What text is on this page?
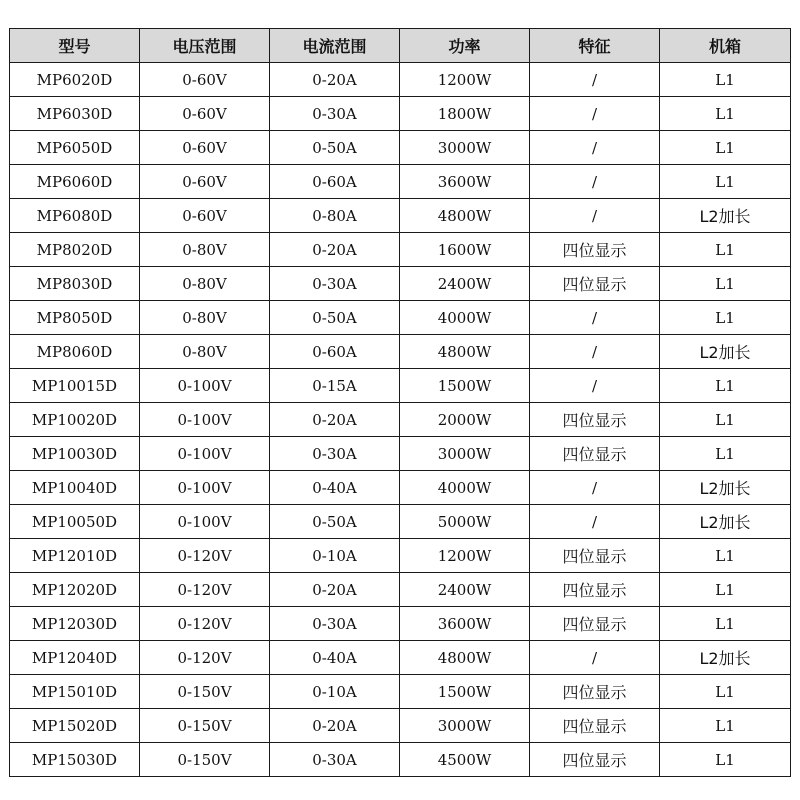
型号	电压范围	电流范围	功率	特征	机箱
MP6020D	0-60V	0-20A	1200W	/	L1
MP6030D	0-60V	0-30A	1800W	/	L1
MP6050D	0-60V	0-50A	3000W	/	L1
MP6060D	0-60V	0-60A	3600W	/	L1
MP6080D	0-60V	0-80A	4800W	/	L2加长
MP8020D	0-80V	0-20A	1600W	四位显示	L1
MP8030D	0-80V	0-30A	2400W	四位显示	L1
MP8050D	0-80V	0-50A	4000W	/	L1
MP8060D	0-80V	0-60A	4800W	/	L2加长
MP10015D	0-100V	0-15A	1500W	/	L1
MP10020D	0-100V	0-20A	2000W	四位显示	L1
MP10030D	0-100V	0-30A	3000W	四位显示	L1
MP10040D	0-100V	0-40A	4000W	/	L2加长
MP10050D	0-100V	0-50A	5000W	/	L2加长
MP12010D	0-120V	0-10A	1200W	四位显示	L1
MP12020D	0-120V	0-20A	2400W	四位显示	L1
MP12030D	0-120V	0-30A	3600W	四位显示	L1
MP12040D	0-120V	0-40A	4800W	/	L2加长
MP15010D	0-150V	0-10A	1500W	四位显示	L1
MP15020D	0-150V	0-20A	3000W	四位显示	L1
MP15030D	0-150V	0-30A	4500W	四位显示	L1
